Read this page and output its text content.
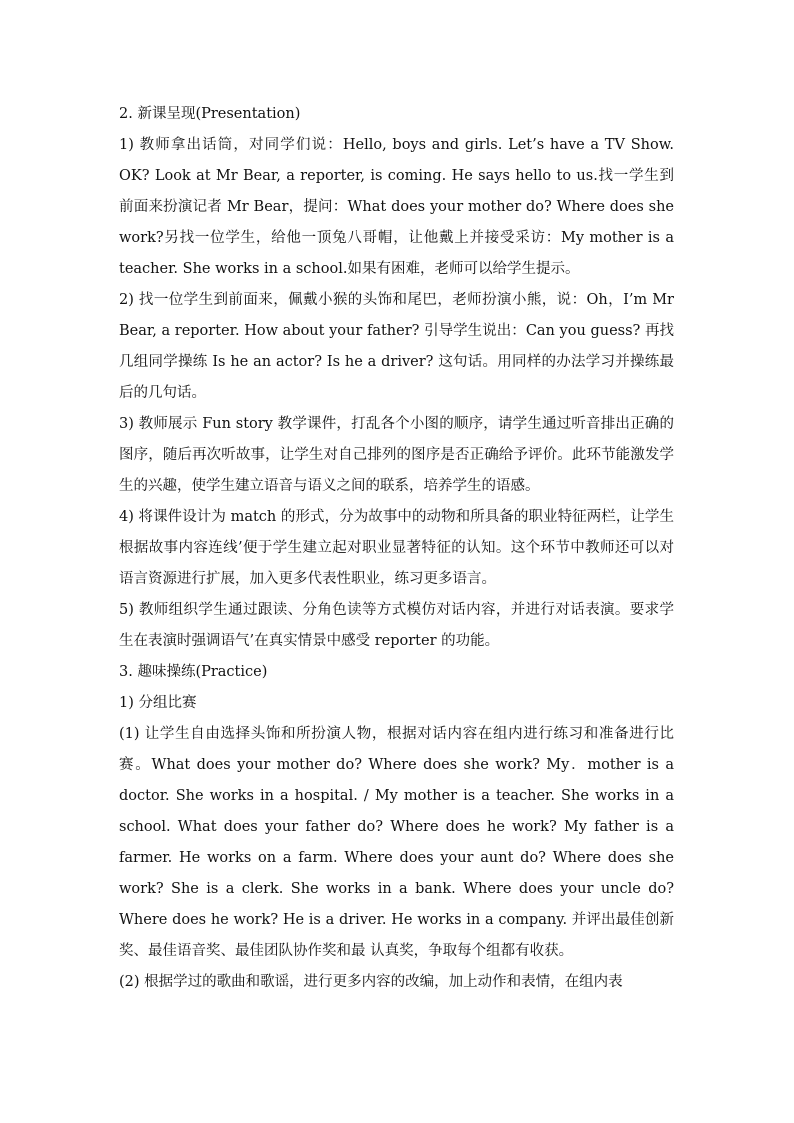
2. 新课呈现(Presentation)

1) 教师拿出话筒，对同学们说：Hello, boys and girls. Let’s have a TV Show. OK? Look at Mr Bear, a reporter, is coming. He says hello to us.找一学生到前面来扮演记者 Mr Bear，提问：What does your mother do? Where does she work?另找一位学生，给他一顶兔八哥帽，让他戴上并接受采访：My mother is a teacher. She works in a school.如果有困难，老师可以给学生提示。

2) 找一位学生到前面来，佩戴小猴的头饰和尾巴，老师扮演小熊，说：Oh，I’m Mr Bear, a reporter. How about your father? 引导学生说出：Can you guess? 再找几组同学操练 Is he an actor? Is he a driver? 这句话。用同样的办法学习并操练最后的几句话。

3) 教师展示 Fun story 教学课件，打乱各个小图的顺序，请学生通过听音排出正确的图序，随后再次听故事，让学生对自己排列的图序是否正确给予评价。此环节能激发学生的兴趣，使学生建立语音与语义之间的联系，培养学生的语感。

4) 将课件设计为 match 的形式，分为故事中的动物和所具备的职业特征两栏，让学生根据故事内容连线’便于学生建立起对职业显著特征的认知。这个环节中教师还可以对语言资源进行扩展，加入更多代表性职业，练习更多语言。

5) 教师组织学生通过跟读、分角色读等方式模仿对话内容，并进行对话表演。要求学生在表演时强调语气’在真实情景中感受 reporter 的功能。

3. 趣味操练(Practice)

1) 分组比赛

(1) 让学生自由选择头饰和所扮演人物，根据对话内容在组内进行练习和准备进行比赛。What does your mother do? Where does she work? My．mother is a doctor. She works in a hospital. / My mother is a teacher. She works in a school. What does your father do? Where does he work? My father is a farmer. He works on a farm. Where does your aunt do? Where does she work? She is a clerk. She works in a bank. Where does your uncle do? Where does he work? He is a driver. He works in a company. 并评出最佳创新奖、最佳语音奖、最佳团队协作奖和最 认真奖，争取每个组都有收获。

(2) 根据学过的歌曲和歌谣，进行更多内容的改编，加上动作和表情，在组内表
